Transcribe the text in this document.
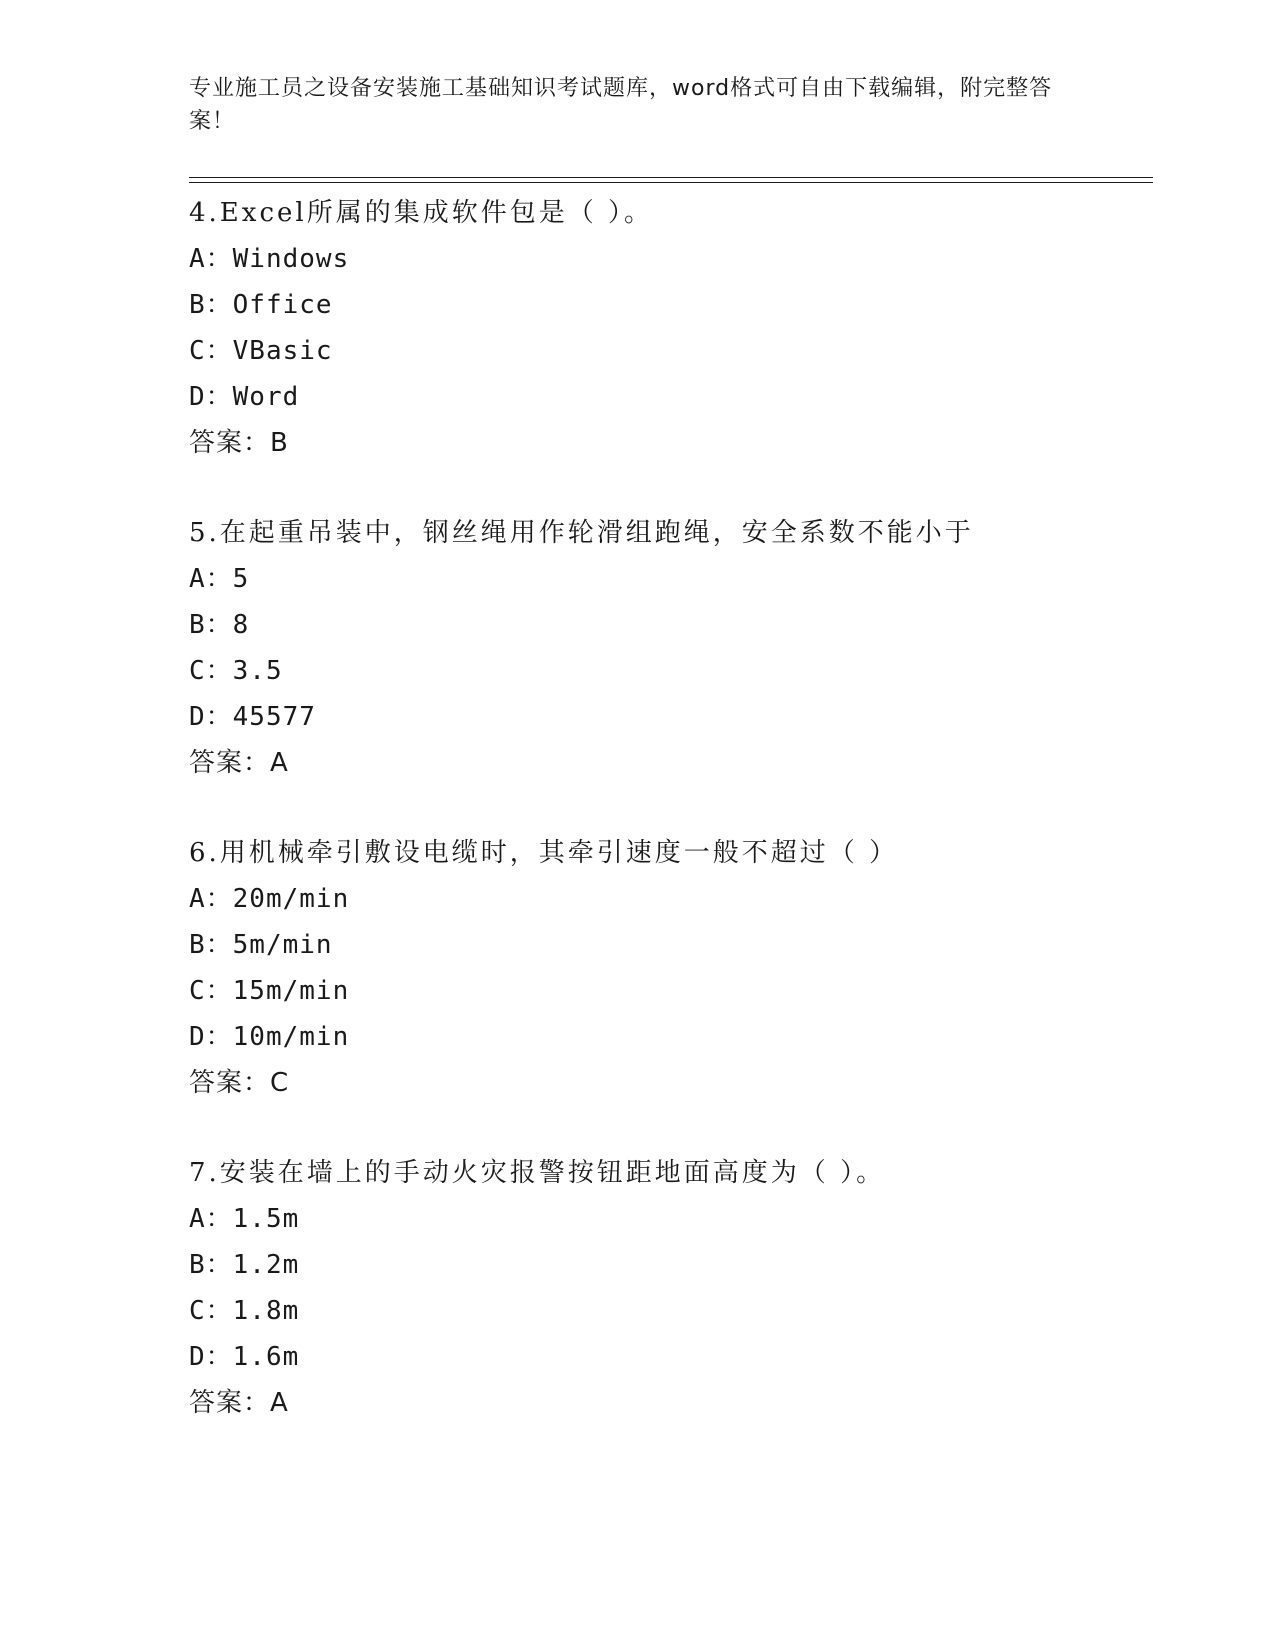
专业施工员之设备安装施工基础知识考试题库，word格式可自由下载编辑，附完整答案！
4.Excel所属的集成软件包是（ ）。
A：Windows
B：Office
C：VBasic
D：Word
答案：B
5.在起重吊装中，钢丝绳用作轮滑组跑绳，安全系数不能小于
A：5
B：8
C：3.5
D：45577
答案：A
6.用机械牵引敷设电缆时，其牵引速度一般不超过（ ）
A：20m/min
B：5m/min
C：15m/min
D：10m/min
答案：C
7.安装在墙上的手动火灾报警按钮距地面高度为（ ）。
A：1.5m
B：1.2m
C：1.8m
D：1.6m
答案：A
